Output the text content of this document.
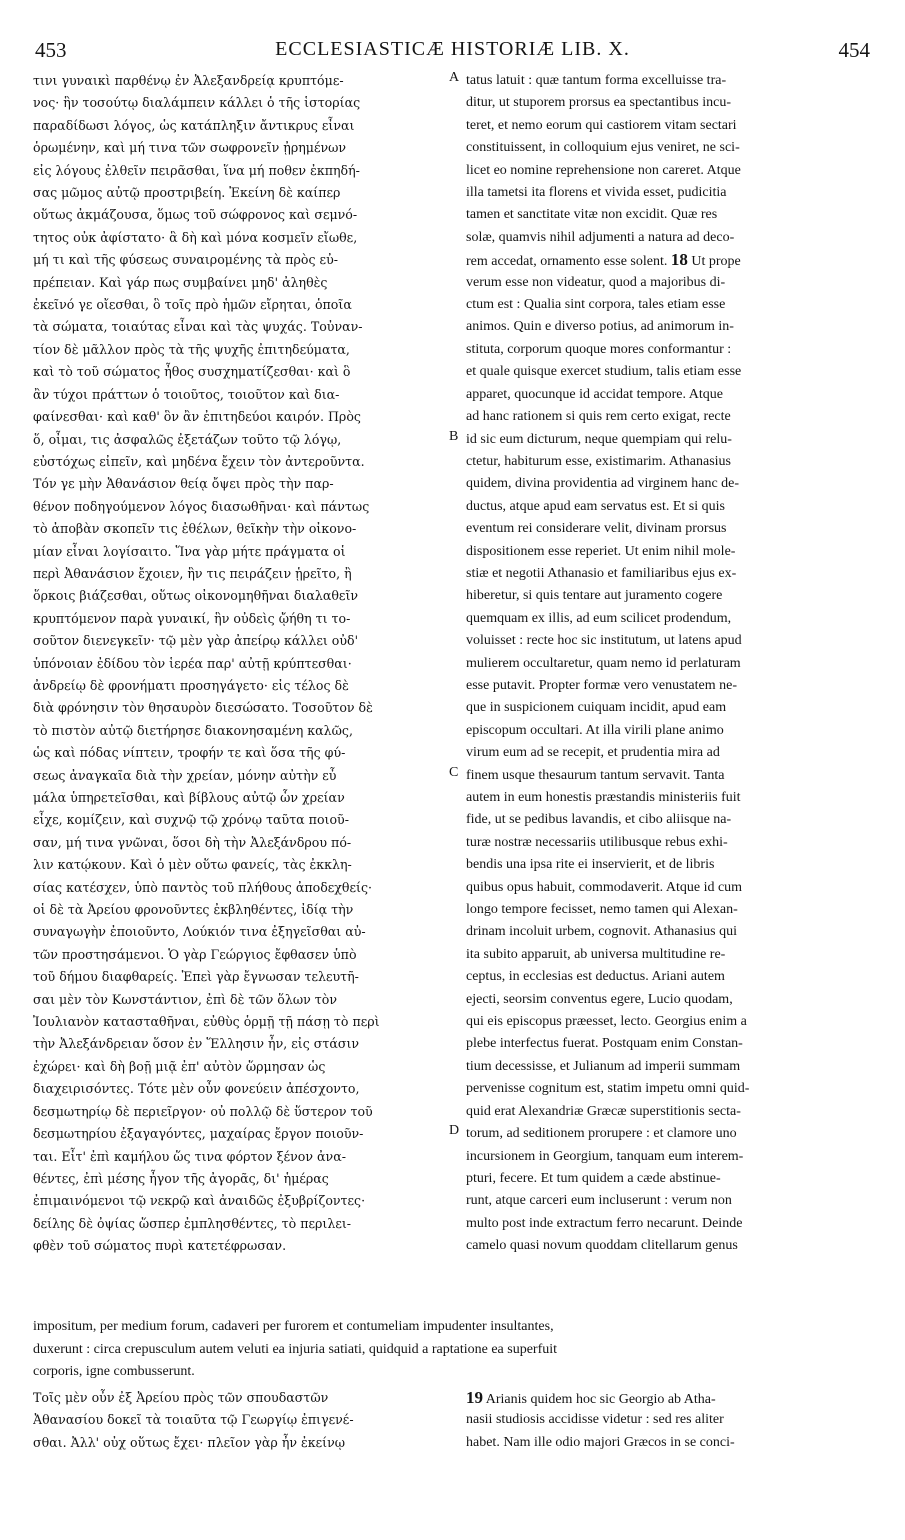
453	ECCLESIASTICÆ HISTORIÆ LIB. X.	454
τινι γυναικὶ παρθένῳ ἐν Ἀλεξανδρείᾳ κρυπτόμε-
νος· ἣν τοσούτῳ διαλάμπειν κάλλει ὁ τῆς ἱστορίας
παραδίδωσι λόγος, ὡς κατάπληξιν ἄντικρυς εἶναι
ὁρωμένην, καὶ μή τινα τῶν σωφρονεῖν ᾐρημένων
εἰς λόγους ἐλθεῖν πειρᾶσθαι, ἵνα μή ποθεν ἐκπηδή-
σας μῶμος αὐτῷ προστριβείη. Ἐκείνη δὲ καίπερ
οὕτως ἀκμάζουσα, ὅμως τοῦ σώφρονος καὶ σεμνό-
τητος οὐκ ἀφίστατο· ἃ δὴ καὶ μόνα κοσμεῖν εἴωθε,
μή τι καὶ τῆς φύσεως συναιρομένης τὰ πρὸς εὐ-
πρέπειαν. Καὶ γάρ πως συμβαίνει μηδ' ἀληθὲς
ἐκεῖνό γε οἴεσθαι, ὃ τοῖς πρὸ ἡμῶν εἴρηται, ὁποῖα
τὰ σώματα, τοιαύτας εἶναι καὶ τὰς ψυχάς. Τοὐναν-
τίον δὲ μᾶλλον πρὸς τὰ τῆς ψυχῆς ἐπιτηδεύματα,
καὶ τὸ τοῦ σώματος ἦθος συσχηματίζεσθαι· καὶ ὃ
ἂν τύχοι πράττων ὁ τοιοῦτος, τοιοῦτον καὶ δια-
φαίνεσθαι· καὶ καθ' ὃν ἂν ἐπιτηδεύοι καιρόν. Πρὸς
ὅ, οἶμαι, τις ἀσφαλῶς ἐξετάζων τοῦτο τῷ λόγῳ,
εὐστόχως εἰπεῖν, καὶ μηδένα ἔχειν τὸν ἀντεροῦντα.
Τόν γε μὴν Ἀθανάσιον θείᾳ ὄψει πρὸς τὴν παρ-
θένον ποδηγούμενον λόγος διασωθῆναι· καὶ πάντως
τὸ ἀποβὰν σκοπεῖν τις ἐθέλων, θεῖκὴν τὴν οἰκονο-
μίαν εἶναι λογίσαιτο. Ἵνα γὰρ μήτε πράγματα οἱ
περὶ Ἀθανάσιον ἔχοιεν, ἣν τις πειράζειν ᾑρεῖτο, ἢ
ὅρκοις βιάζεσθαι, οὕτως οἰκονομηθῆναι διαλαθεῖν
κρυπτόμενον παρὰ γυναικί, ἣν οὐδεὶς ᾤήθη τι το-
σοῦτον διενεγκεῖν· τῷ μὲν γὰρ ἀπείρῳ κάλλει οὐδ'
ὑπόνοιαν ἐδίδου τὸν ἱερέα παρ' αὐτῇ κρύπτεσθαι·
ἀνδρείῳ δὲ φρονήματι προσηγάγετο· εἰς τέλος δὲ
διὰ φρόνησιν τὸν θησαυρὸν διεσώσατο. Τοσοῦτον δὲ
τὸ πιστὸν αὐτῷ διετήρησε διακονησαμένη καλῶς,
ὡς καὶ πόδας νίπτειν, τροφήν τε καὶ ὅσα τῆς φύ-
σεως ἀναγκαῖα διὰ τὴν χρείαν, μόνην αὐτὴν εὖ
μάλα ὑπηρετεῖσθαι, καὶ βίβλους αὐτῷ ὧν χρείαν
εἶχε, κομίζειν, καὶ συχνῷ τῷ χρόνῳ ταῦτα ποιοῦ-
σαν, μή τινα γνῶναι, ὅσοι δὴ τὴν Ἀλεξάνδρου πό-
λιν κατῴκουν. Καὶ ὁ μὲν οὕτω φανείς, τὰς ἐκκλη-
σίας κατέσχεν, ὑπὸ παντὸς τοῦ πλήθους ἀποδεχθείς·
οἱ δὲ τὰ Ἀρείου φρονοῦντες ἐκβληθέντες, ἰδίᾳ τὴν
συναγωγὴν ἐποιοῦντο, Λούκιόν τινα ἐξηγεῖσθαι αὐ-
τῶν προστησάμενοι. Ὁ γὰρ Γεώργιος ἔφθασεν ὑπὸ
τοῦ δήμου διαφθαρείς. Ἐπεὶ γὰρ ἔγνωσαν τελευτῆ-
σαι μὲν τὸν Κωνστάντιον, ἐπὶ δὲ τῶν ὅλων τὸν
Ἰουλιανὸν κατασταθῆναι, εὐθὺς ὁρμῇ τῇ πάσῃ τὸ περὶ
τὴν Ἀλεξάνδρειαν ὅσον ἐν Ἕλλησιν ἦν, εἰς στάσιν
ἐχώρει· καὶ δὴ βοῇ μιᾷ ἐπ' αὐτὸν ὥρμησαν ὡς
διαχειρισόντες. Τότε μὲν οὖν φονεύειν ἀπέσχοντο,
δεσμωτηρίῳ δὲ περιεῖργον· οὐ πολλῷ δὲ ὕστερον τοῦ
δεσμωτηρίου ἐξαγαγόντες, μαχαίρας ἔργον ποιοῦν-
ται. Εἶτ' ἐπὶ καμήλου ὥς τινα φόρτον ξένον ἀνα-
θέντες, ἐπὶ μέσης ἦγον τῆς ἀγορᾶς, δι' ἡμέρας
ἐπιμαινόμενοι τῷ νεκρῷ καὶ ἀναιδῶς ἐξυβρίζοντες·
δείλης δὲ ὀψίας ὥσπερ ἐμπλησθέντες, τὸ περιλει-
φθὲν τοῦ σώματος πυρὶ κατετέφρωσαν.
tatus latuit : quæ tantum forma excelluisse tra-
ditur, ut stuporem prorsus ea spectantibus incu-
teret, et nemo eorum qui castiorem vitam sectari
constituissent, in colloquium ejus veniret, ne sci-
licet eo nomine reprehensione non careret. Atque
illa tametsi ita florens et vivida esset, pudicitia
tamen et sanctitate vitæ non excidit. Quæ res
solæ, quamvis nihil adjumenti a natura ad deco-
rem accedat, ornamento esse solent. 18 Ut prope
verum esse non videatur, quod a majoribus di-
ctum est : Qualia sint corpora, tales etiam esse
animos. Quin e diverso potius, ad animorum in-
stituta, corporum quoque mores conformantur :
et quale quisque exercet studium, talis etiam esse
apparet, quocunque id accidat tempore. Atque
ad hanc rationem si quis rem certo exigat, recte
id sic eum dicturum, neque quempiam qui relu-
ctetur, habiturum esse, existimarim. Athanasius
quidem, divina providentia ad virginem hanc de-
ductus, atque apud eam servatus est. Et si quis
eventum rei considerare velit, divinam prorsus
dispositionem esse reperiet. Ut enim nihil mole-
stiæ et negotii Athanasio et familiaribus ejus ex-
hiberetur, si quis tentare aut juramento cogere
quemquam ex illis, ad eum scilicet prodendum,
voluisset : recte hoc sic institutum, ut latens apud
mulierem occultaretur, quam nemo id perlaturam
esse putavit. Propter formæ vero venustatem ne-
que in suspicionem cuiquam incidit, apud eam
episcopum occultari. At illa virili plane animo
virum eum ad se recepit, et prudentia mira ad
finem usque thesaurum tantum servavit. Tanta
autem in eum honestis præstandis ministeriis fuit
fide, ut se pedibus lavandis, et cibo aliisque na-
turæ nostræ necessariis utilibusque rebus exhi-
bendis una ipsa rite ei inservierit, et de libris
quibus opus habuit, commodaverit. Atque id cum
longo tempore fecisset, nemo tamen qui Alexan-
drinam incoluit urbem, cognovit. Athanasius qui
ita subito apparuit, ab universa multitudine re-
ceptus, in ecclesias est deductus. Ariani autem
ejecti, seorsim conventus egere, Lucio quodam,
qui eis episcopus præesset, lecto. Georgius enim a
plebe interfectus fuerat. Postquam enim Constan-
tium decessisse, et Julianum ad imperii summam
pervenisse cognitum est, statim impetu omni quid-
quid erat Alexandriæ Græcæ superstitionis secta-
torum, ad seditionem prorupere : et clamore uno
incursionem in Georgium, tanquam eum interem-
pturi, fecere. Et tum quidem a cæde abstinue-
runt, atque carceri eum incluserunt : verum non
multo post inde extractum ferro necarunt. Deinde
camelo quasi novum quoddam clitellarum genus
A
B
C
D
impositum, per medium forum, cadaveri per furorem et contumeliam impudenter insultantes,
duxerunt : circa crepusculum autem veluti ea injuria satiati, quidquid a raptatione ea superfuit
corporis, igne combusserunt.
Τοῖς μὲν οὖν ἐξ Ἀρείου πρὸς τῶν σπουδαστῶν
Ἀθανασίου δοκεῖ τὰ τοιαῦτα τῷ Γεωργίῳ ἐπιγενέ-
σθαι. Ἀλλ' οὐχ οὕτως ἔχει· πλεῖον γὰρ ἦν ἐκείνῳ
19 Arianis quidem hoc sic Georgio ab Atha-
nasii studiosis accidisse videtur : sed res aliter
habet. Nam ille odio majori Græcos in se conci-
